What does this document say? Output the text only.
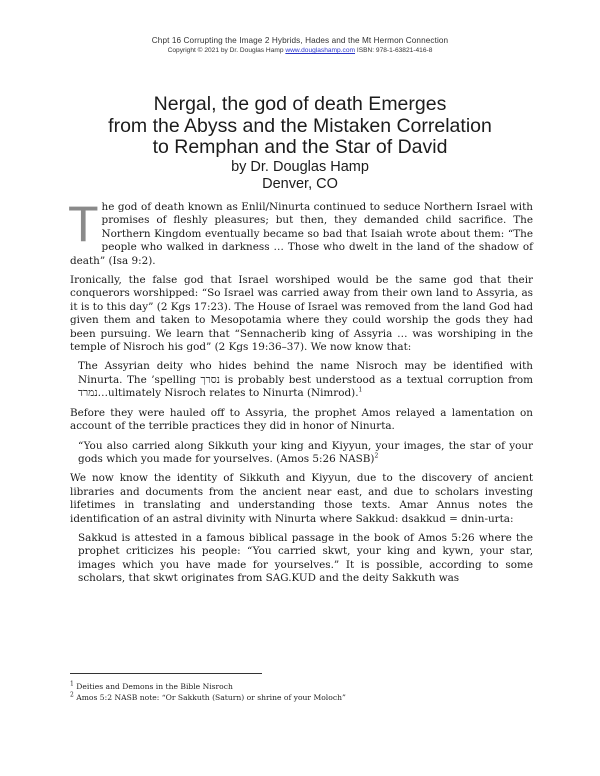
Chpt 16 Corrupting the Image 2 Hybrids, Hades and the Mt Hermon Connection
Copyright © 2021 by Dr. Douglas Hamp www.douglashamp.com ISBN: 978-1-63821-416-8
Nergal, the god of death Emerges
from the Abyss and the Mistaken Correlation
to Remphan and the Star of David
by Dr. Douglas Hamp
Denver, CO

The god of death known as Enlil/Ninurta continued to seduce Northern Israel with promises of fleshly pleasures; but then, they demanded child sacrifice. The Northern Kingdom eventually became so bad that Isaiah wrote about them: “The people who walked in darkness … Those who dwelt in the land of the shadow of death” (Isa 9:2).

Ironically, the false god that Israel worshiped would be the same god that their conquerors worshipped: “So Israel was carried away from their own land to Assyria, as it is to this day” (2 Kgs 17:23). The House of Israel was removed from the land God had given them and taken to Mesopotamia where they could worship the gods they had been pursuing. We learn that “Sennacherib king of Assyria … was worshiping in the temple of Nisroch his god” (2 Kgs 19:36–37). We now know that:

The Assyrian deity who hides behind the name Nisroch may be identified with Ninurta. The ’spelling נסרך is probably best understood as a textual corruption from נמרד…ultimately Nisroch relates to Ninurta (Nimrod).$^1$

Before they were hauled off to Assyria, the prophet Amos relayed a lamentation on account of the terrible practices they did in honor of Ninurta.

“You also carried along Sikkuth your king and Kiyyun, your images, the star of your gods which you made for yourselves. (Amos 5:26 NASB)$^2$

We now know the identity of Sikkuth and Kiyyun, due to the discovery of ancient libraries and documents from the ancient near east, and due to scholars investing lifetimes in translating and understanding those texts. Amar Annus notes the identification of an astral divinity with Ninurta where Sakkud: dsakkud = dnin-urta:

Sakkud is attested in a famous biblical passage in the book of Amos 5:26 where the prophet criticizes his people: “You carried skwt, your king and kywn, your star, images which you have made for yourselves.” It is possible, according to some scholars, that skwt originates from SAG.KUD and the deity Sakkuth was

$^1$ Deities and Demons in the Bible Nisroch
$^2$ Amos 5:2 NASB note: “Or Sakkuth (Saturn) or shrine of your Moloch”
